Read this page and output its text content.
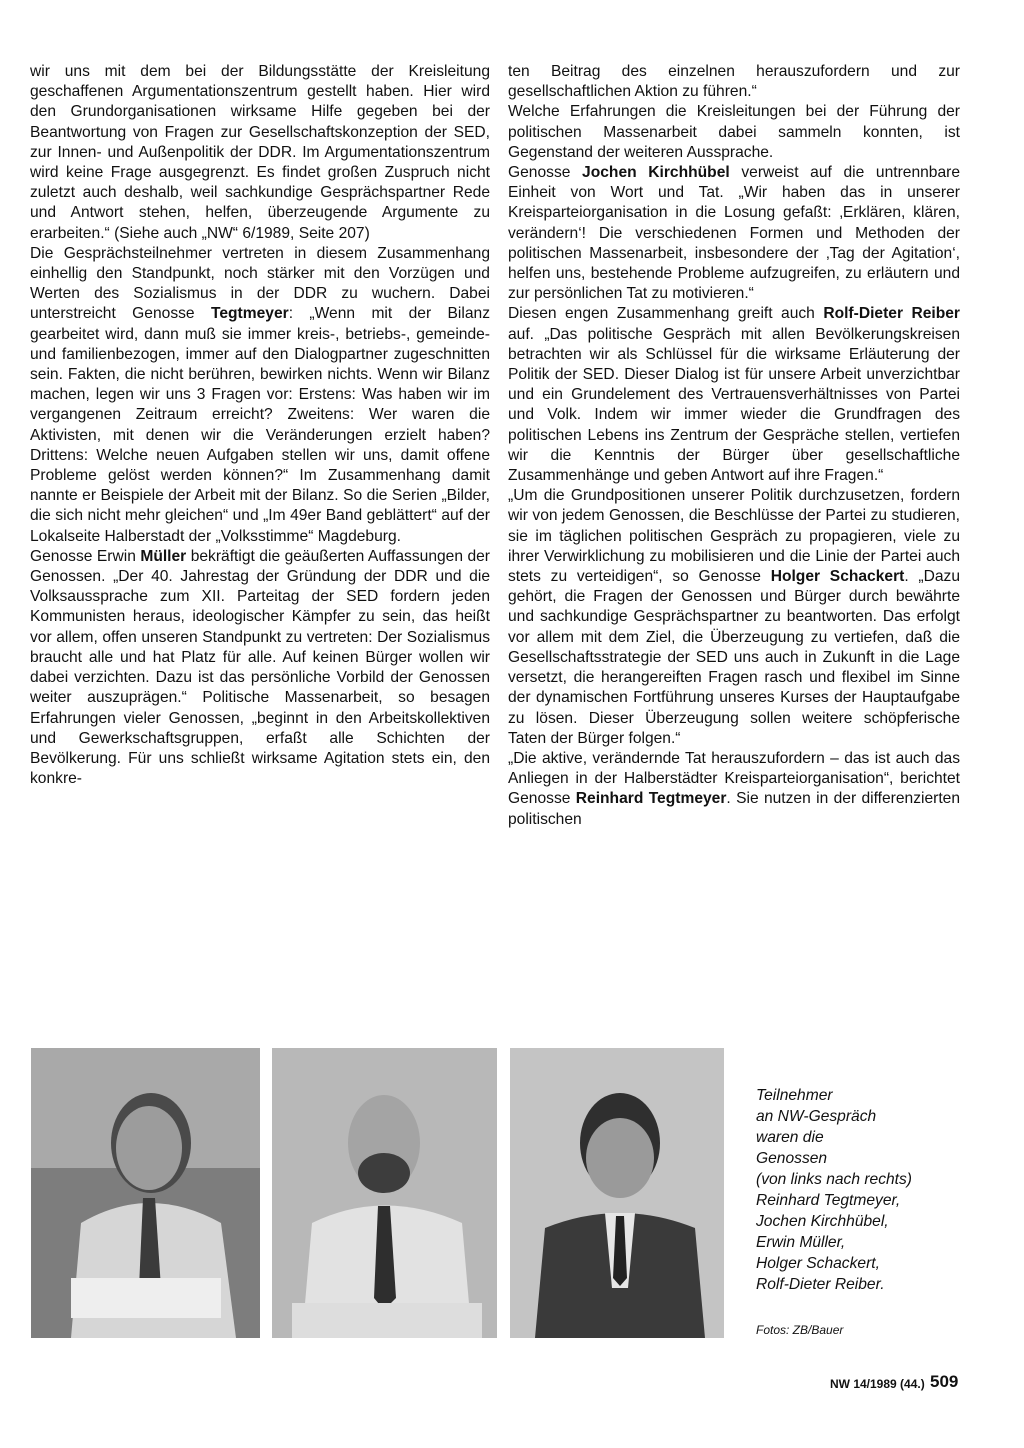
wir uns mit dem bei der Bildungsstätte der Kreisleitung geschaffenen Argumentationszentrum gestellt haben. Hier wird den Grundorganisationen wirksame Hilfe gegeben bei der Beantwortung von Fragen zur Gesellschaftskonzeption der SED, zur Innen- und Außenpolitik der DDR. Im Argumentationszentrum wird keine Frage ausgegrenzt. Es findet großen Zuspruch nicht zuletzt auch deshalb, weil sachkundige Gesprächspartner Rede und Antwort stehen, helfen, überzeugende Argumente zu erarbeiten.“ (Siehe auch „NW“ 6/1989, Seite 207)

Die Gesprächsteilnehmer vertreten in diesem Zusammenhang einhellig den Standpunkt, noch stärker mit den Vorzügen und Werten des Sozialismus in der DDR zu wuchern. Dabei unterstreicht Genosse Tegtmeyer: „Wenn mit der Bilanz gearbeitet wird, dann muß sie immer kreis-, betriebs-, gemeinde- und familienbezogen, immer auf den Dialogpartner zugeschnitten sein. Fakten, die nicht berühren, bewirken nichts. Wenn wir Bilanz machen, legen wir uns 3 Fragen vor: Erstens: Was haben wir im vergangenen Zeitraum erreicht? Zweitens: Wer waren die Aktivisten, mit denen wir die Veränderungen erzielt haben? Drittens: Welche neuen Aufgaben stellen wir uns, damit offene Probleme gelöst werden können?“ Im Zusammenhang damit nannte er Beispiele der Arbeit mit der Bilanz. So die Serien „Bilder, die sich nicht mehr gleichen“ und „Im 49er Band geblättert“ auf der Lokalseite Halberstadt der „Volksstimme“ Magdeburg.

Genosse Erwin Müller bekräftigt die geäußerten Auffassungen der Genossen. „Der 40. Jahrestag der Gründung der DDR und die Volksaussprache zum XII. Parteitag der SED fordern jeden Kommunisten heraus, ideologischer Kämpfer zu sein, das heißt vor allem, offen unseren Standpunkt zu vertreten: Der Sozialismus braucht alle und hat Platz für alle. Auf keinen Bürger wollen wir dabei verzichten. Dazu ist das persönliche Vorbild der Genossen weiter auszuprägen.“ Politische Massenarbeit, so besagen Erfahrungen vieler Genossen, „beginnt in den Arbeitskollektiven und Gewerkschaftsgruppen, erfaßt alle Schichten der Bevölkerung. Für uns schließt wirksame Agitation stets ein, den konkre-

ten Beitrag des einzelnen herauszufordern und zur gesellschaftlichen Aktion zu führen.“

Welche Erfahrungen die Kreisleitungen bei der Führung der politischen Massenarbeit dabei sammeln konnten, ist Gegenstand der weiteren Aussprache.

Genosse Jochen Kirchhübel verweist auf die untrennbare Einheit von Wort und Tat. „Wir haben das in unserer Kreisparteiorganisation in die Losung gefaßt: ‚Erklären, klären, verändern‘! Die verschiedenen Formen und Methoden der politischen Massenarbeit, insbesondere der ‚Tag der Agitation‘, helfen uns, bestehende Probleme aufzugreifen, zu erläutern und zur persönlichen Tat zu motivieren.“

Diesen engen Zusammenhang greift auch Rolf-Dieter Reiber auf. „Das politische Gespräch mit allen Bevölkerungskreisen betrachten wir als Schlüssel für die wirksame Erläuterung der Politik der SED. Dieser Dialog ist für unsere Arbeit unverzichtbar und ein Grundelement des Vertrauensverhältnisses von Partei und Volk. Indem wir immer wieder die Grundfragen des politischen Lebens ins Zentrum der Gespräche stellen, vertiefen wir die Kenntnis der Bürger über gesellschaftliche Zusammenhänge und geben Antwort auf ihre Fragen.“

„Um die Grundpositionen unserer Politik durchzusetzen, fordern wir von jedem Genossen, die Beschlüsse der Partei zu studieren, sie im täglichen politischen Gespräch zu propagieren, viele zu ihrer Verwirklichung zu mobilisieren und die Linie der Partei auch stets zu verteidigen“, so Genosse Holger Schackert. „Dazu gehört, die Fragen der Genossen und Bürger durch bewährte und sachkundige Gesprächspartner zu beantworten. Das erfolgt vor allem mit dem Ziel, die Überzeugung zu vertiefen, daß die Gesellschaftsstrategie der SED uns auch in Zukunft in die Lage versetzt, die herangereiften Fragen rasch und flexibel im Sinne der dynamischen Fortführung unseres Kurses der Hauptaufgabe zu lösen. Dieser Überzeugung sollen weitere schöpferische Taten der Bürger folgen.“

„Die aktive, verändernde Tat herauszufordern – das ist auch das Anliegen in der Halberstädter Kreisparteiorganisation“, berichtet Genosse Reinhard Tegtmeyer. Sie nutzen in der differenzierten politischen

Teilnehmer
an NW-Gespräch
waren die
Genossen
(von links nach rechts)
Reinhard Tegtmeyer,
Jochen Kirchhübel,
Erwin Müller,
Holger Schackert,
Rolf-Dieter Reiber.
Fotos: ZB/Bauer
NW 14/1989 (44.) 509
